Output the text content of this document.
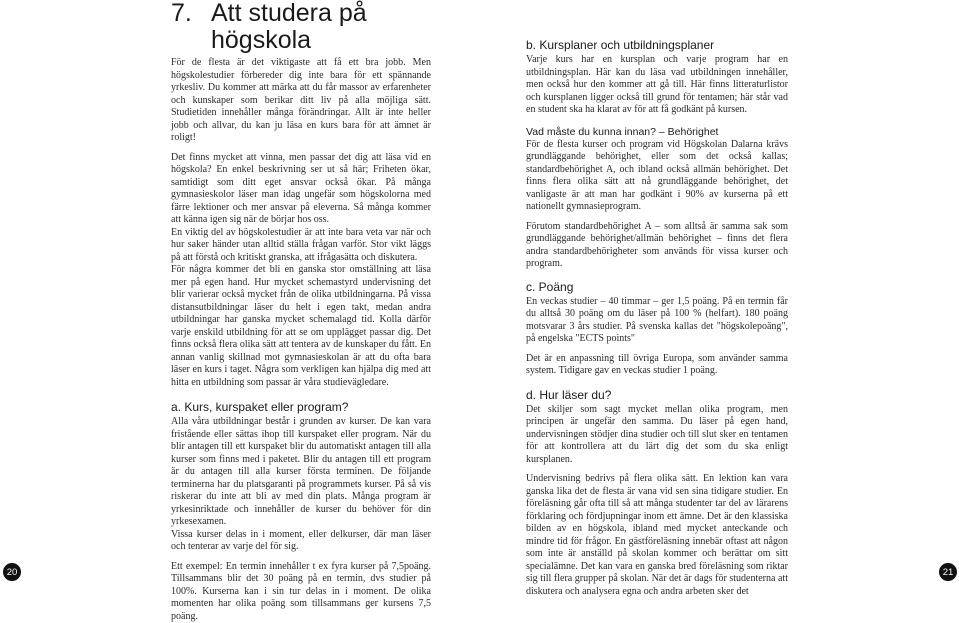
7. Att studera på
högskola

För de flesta är det viktigaste att få ett bra jobb. Men högskolestudier förbereder dig inte bara för ett spännande yrkesliv. Du kommer att märka att du får massor av erfarenheter och kunskaper som berikar ditt liv på alla möjliga sätt. Studietiden innehåller många förändringar. Allt är inte heller jobb och allvar, du kan ju läsa en kurs bara för att ämnet är roligt!

Det finns mycket att vinna, men passar det dig att läsa vid en högskola? En enkel beskrivning ser ut så här; Friheten ökar, samtidigt som ditt eget ansvar också ökar. På många gymnasieskolor läser man idag ungefär som högskolorna med färre lektioner och mer ansvar på eleverna. Så många kommer att känna igen sig när de börjar hos oss.

En viktig del av högskolestudier är att inte bara veta var när och hur saker händer utan alltid ställa frågan varför. Stor vikt läggs på att förstå och kritiskt granska, att ifrågasätta och diskutera.

För några kommer det bli en ganska stor omställning att läsa mer på egen hand. Hur mycket schemastyrd undervisning det blir varierar också mycket från de olika utbildningarna. På vissa distansutbildningar läser du helt i egen takt, medan andra utbildningar har ganska mycket schemalagd tid. Kolla därför varje enskild utbildning för att se om upplägget passar dig. Det finns också flera olika sätt att tentera av de kunskaper du fått. En annan vanlig skillnad mot gymnasieskolan är att du ofta bara läser en kurs i taget. Några som verkligen kan hjälpa dig med att hitta en utbildning som passar är våra studievägledare.

a. Kurs, kurspaket eller program?

Alla våra utbildningar består i grunden av kurser. De kan vara fristående eller sättas ihop till kurspaket eller program. När du blir antagen till ett kurspaket blir du automatiskt antagen till alla kurser som finns med i paketet. Blir du antagen till ett program är du antagen till alla kurser första terminen. De följande terminerna har du platsgaranti på programmets kurser. På så vis riskerar du inte att bli av med din plats. Många program är yrkesinriktade och innehåller de kurser du behöver för din yrkesexamen.

Vissa kurser delas in i moment, eller delkurser, där man läser och tenterar av varje del för sig.

Ett exempel: En termin innehåller t ex fyra kurser på 7,5poäng. Tillsammans blir det 30 poäng på en termin, dvs studier på 100%. Kurserna kan i sin tur delas in i moment. De olika momenten har olika poäng som tillsammans ger kursens 7,5 poäng.

b. Kursplaner och utbildningsplaner

Varje kurs har en kursplan och varje program har en utbildningsplan. Här kan du läsa vad utbildningen innehåller, men också hur den kommer att gå till. Här finns litteraturlistor och kursplanen ligger också till grund för tentamen; här står vad en student ska ha klarat av för att få godkänt på kursen.

Vad måste du kunna innan? – Behörighet

För de flesta kurser och program vid Högskolan Dalarna krävs grundläggande behörighet, eller som det också kallas; standardbehörighet A, och ibland också allmän behörighet. Det finns flera olika sätt att nå grundläggande behörighet, det vanligaste är att man har godkänt i 90% av kurserna på ett nationellt gymnasieprogram.

Förutom standardbehörighet A – som alltså är samma sak som grundläggande behörighet/allmän behörighet – finns det flera andra standardbehörigheter som används för vissa kurser och program.

c. Poäng

En veckas studier – 40 timmar – ger 1,5 poäng. På en termin får du alltså 30 poäng om du läser på 100 % (helfart). 180 poäng motsvarar 3 års studier. På svenska kallas det "högskolepoäng", på engelska "ECTS points"

Det är en anpassning till övriga Europa, som använder samma system. Tidigare gav en veckas studier 1 poäng.

d. Hur läser du?

Det skiljer som sagt mycket mellan olika program, men principen är ungefär den samma. Du läser på egen hand, undervisningen stödjer dina studier och till slut sker en tentamen för att kontrollera att du lärt dig det som du ska enligt kursplanen.

Undervisning bedrivs på flera olika sätt. En lektion kan vara ganska lika det de flesta är vana vid sen sina tidigare studier. En föreläsning går ofta till så att många studenter tar del av lärarens förklaring och fördjupningar inom ett ämne. Det är den klassiska bilden av en högskola, ibland med mycket anteckande och mindre tid för frågor. En gästföreläsning innebär oftast att någon som inte är anställd på skolan kommer och berättar om sitt specialämne. Det kan vara en ganska bred föreläsning som riktar sig till flera grupper på skolan. När det är dags för studenterna att diskutera och analysera egna och andra arbeten sker det

20	21
